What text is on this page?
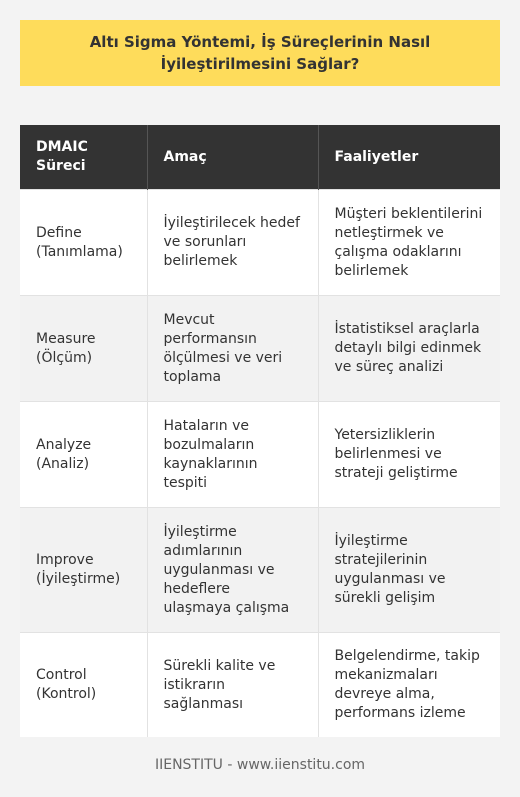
Altı Sigma Yöntemi, İş Süreçlerinin Nasıl İyileştirilmesini Sağlar?
DMAIC Süreci	Amaç	Faaliyetler
Define (Tanımlama)	İyileştirilecek hedef ve sorunları belirlemek	Müşteri beklentilerini netleştirmek ve çalışma odaklarını belirlemek
Measure (Ölçüm)	Mevcut performansın ölçülmesi ve veri toplama	İstatistiksel araçlarla detaylı bilgi edinmek ve süreç analizi
Analyze (Analiz)	Hataların ve bozulmaların kaynaklarının tespiti	Yetersizliklerin belirlenmesi ve strateji geliştirme
Improve (İyileştirme)	İyileştirme adımlarının uygulanması ve hedeflere ulaşmaya çalışma	İyileştirme stratejilerinin uygulanması ve sürekli gelişim
Control (Kontrol)	Sürekli kalite ve istikrarın sağlanması	Belgelendirme, takip mekanizmaları devreye alma, performans izleme
IIENSTITU - www.iienstitu.com
